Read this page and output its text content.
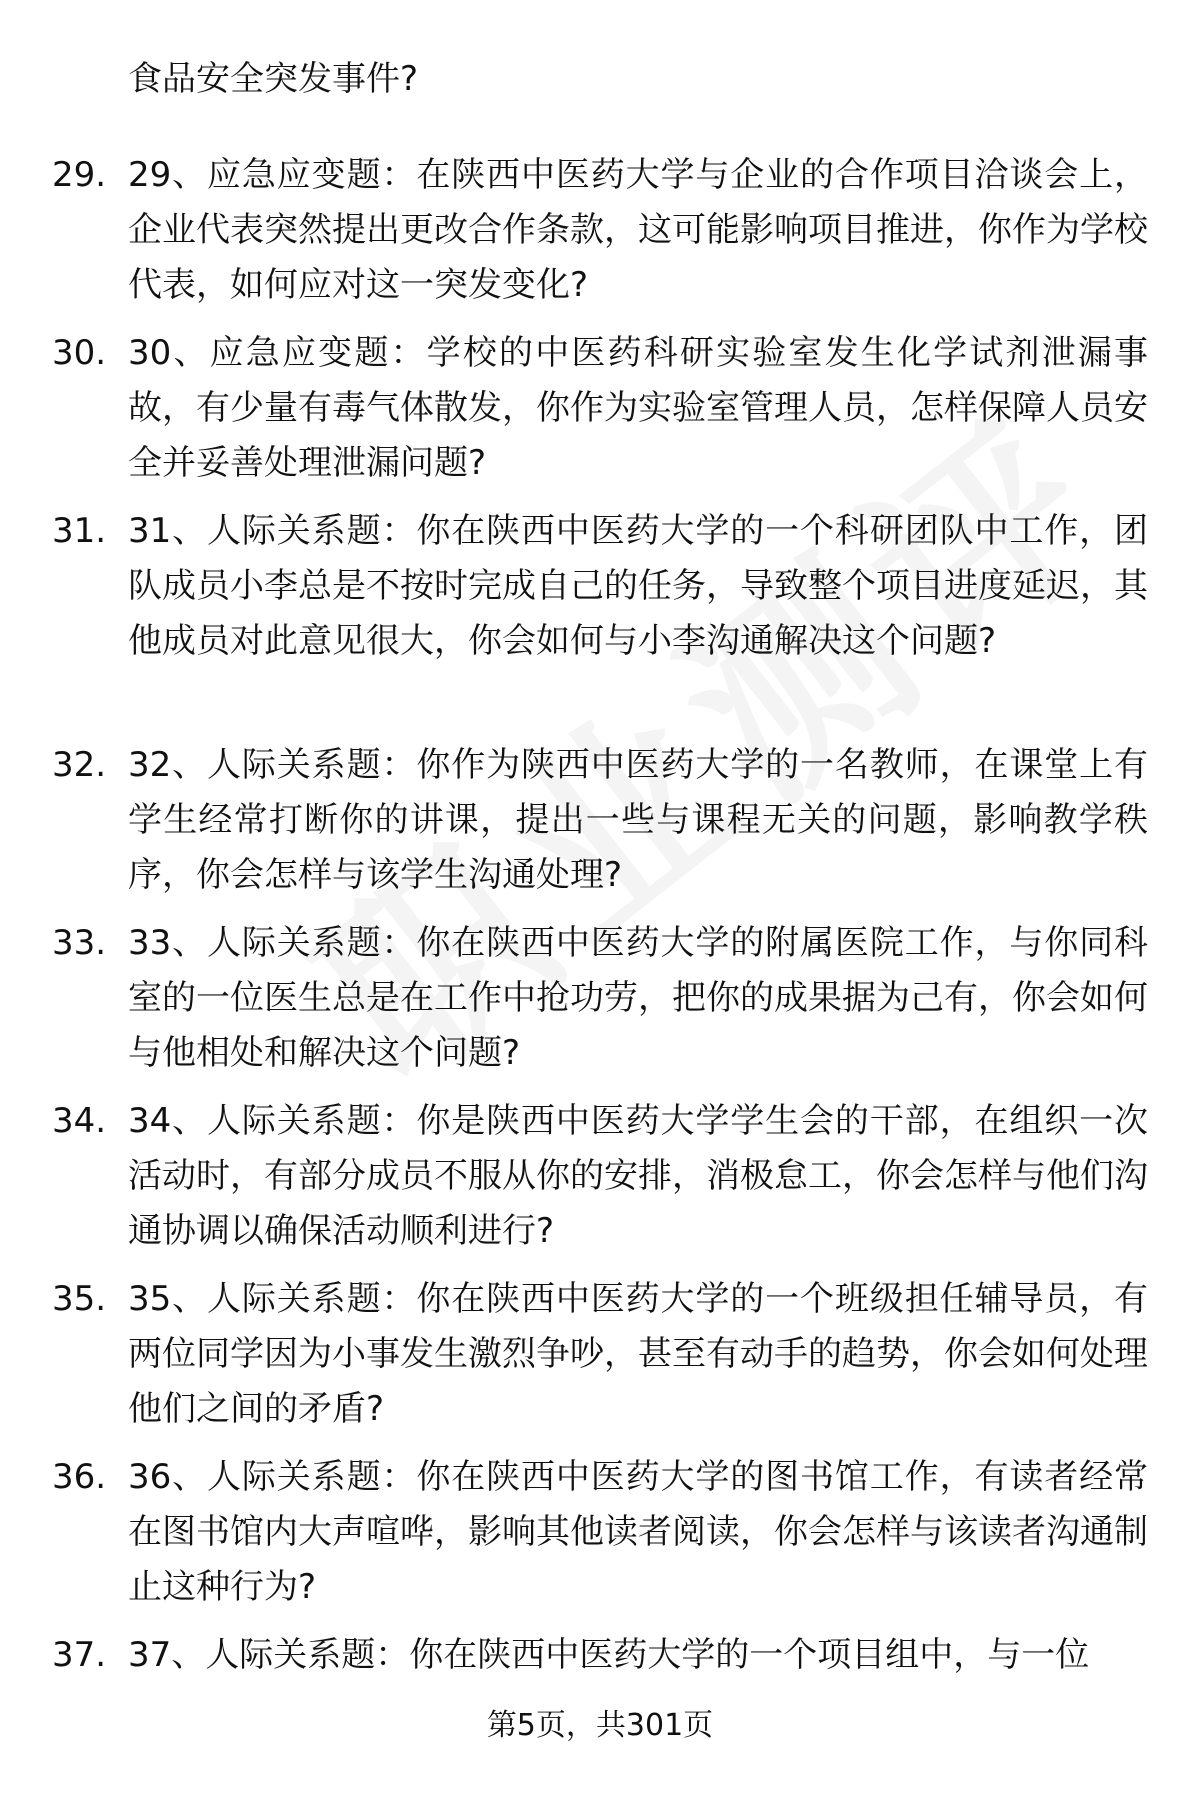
食品安全突发事件?
29. 29、应急应变题：在陕西中医药大学与企业的合作项目洽谈会上，企业代表突然提出更改合作条款，这可能影响项目推进，你作为学校代表，如何应对这一突发变化?
30. 30、应急应变题：学校的中医药科研实验室发生化学试剂泄漏事故，有少量有毒气体散发，你作为实验室管理人员，怎样保障人员安全并妥善处理泄漏问题?
31. 31、人际关系题：你在陕西中医药大学的一个科研团队中工作，团队成员小李总是不按时完成自己的任务，导致整个项目进度延迟，其他成员对此意见很大，你会如何与小李沟通解决这个问题?
32. 32、人际关系题：你作为陕西中医药大学的一名教师，在课堂上有学生经常打断你的讲课，提出一些与课程无关的问题，影响教学秩序，你会怎样与该学生沟通处理?
33. 33、人际关系题：你在陕西中医药大学的附属医院工作，与你同科室的一位医生总是在工作中抢功劳，把你的成果据为己有，你会如何与他相处和解决这个问题?
34. 34、人际关系题：你是陕西中医药大学学生会的干部，在组织一次活动时，有部分成员不服从你的安排，消极怠工，你会怎样与他们沟通协调以确保活动顺利进行?
35. 35、人际关系题：你在陕西中医药大学的一个班级担任辅导员，有两位同学因为小事发生激烈争吵，甚至有动手的趋势，你会如何处理他们之间的矛盾?
36. 36、人际关系题：你在陕西中医药大学的图书馆工作，有读者经常在图书馆内大声喧哗，影响其他读者阅读，你会怎样与该读者沟通制止这种行为?
37. 37、人际关系题：你在陕西中医药大学的一个项目组中，与一位
第5页，共301页
